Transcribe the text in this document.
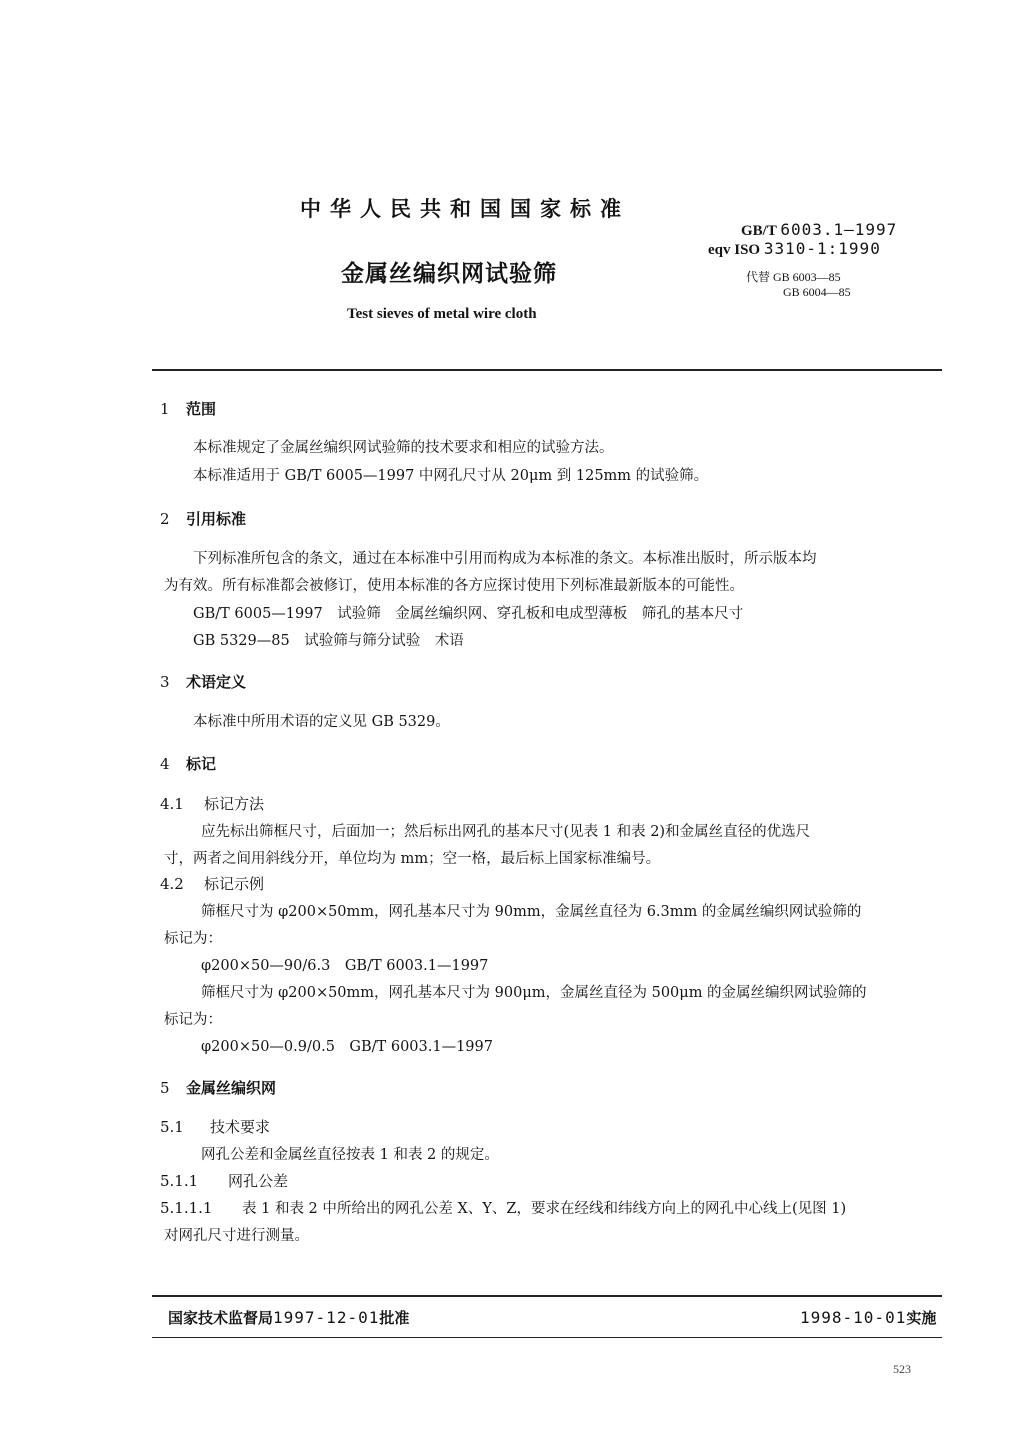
中华人民共和国国家标准
金属丝编织网试验筛
Test sieves of metal wire cloth
GB/T 6003.1—1997
eqv ISO 3310-1:1990
代替 GB 6003—85
GB 6004—85
1 范围
本标准规定了金属丝编织网试验筛的技术要求和相应的试验方法。
本标准适用于 GB/T 6005—1997 中网孔尺寸从 20μm 到 125mm 的试验筛。
2 引用标准
下列标准所包含的条文，通过在本标准中引用而构成为本标准的条文。本标准出版时，所示版本均
为有效。所有标准都会被修订，使用本标准的各方应探讨使用下列标准最新版本的可能性。
GB/T 6005—1997　试验筛　金属丝编织网、穿孔板和电成型薄板　筛孔的基本尺寸
GB 5329—85　试验筛与筛分试验　术语
3 术语定义
本标准中所用术语的定义见 GB 5329。
4 标记
4.1 标记方法
应先标出筛框尺寸，后面加一；然后标出网孔的基本尺寸(见表 1 和表 2)和金属丝直径的优选尺
寸，两者之间用斜线分开，单位均为 mm；空一格，最后标上国家标准编号。
4.2 标记示例
筛框尺寸为 φ200×50mm，网孔基本尺寸为 90mm，金属丝直径为 6.3mm 的金属丝编织网试验筛的
标记为：
φ200×50—90/6.3　GB/T 6003.1—1997
筛框尺寸为 φ200×50mm，网孔基本尺寸为 900μm，金属丝直径为 500μm 的金属丝编织网试验筛的
标记为：
φ200×50—0.9/0.5　GB/T 6003.1—1997
5 金属丝编织网
5.1 技术要求
网孔公差和金属丝直径按表 1 和表 2 的规定。
5.1.1 网孔公差
5.1.1.1 表 1 和表 2 中所给出的网孔公差 X、Y、Z，要求在经线和纬线方向上的网孔中心线上(见图 1)
对网孔尺寸进行测量。
国家技术监督局1997-12-01批准	1998-10-01实施
523
